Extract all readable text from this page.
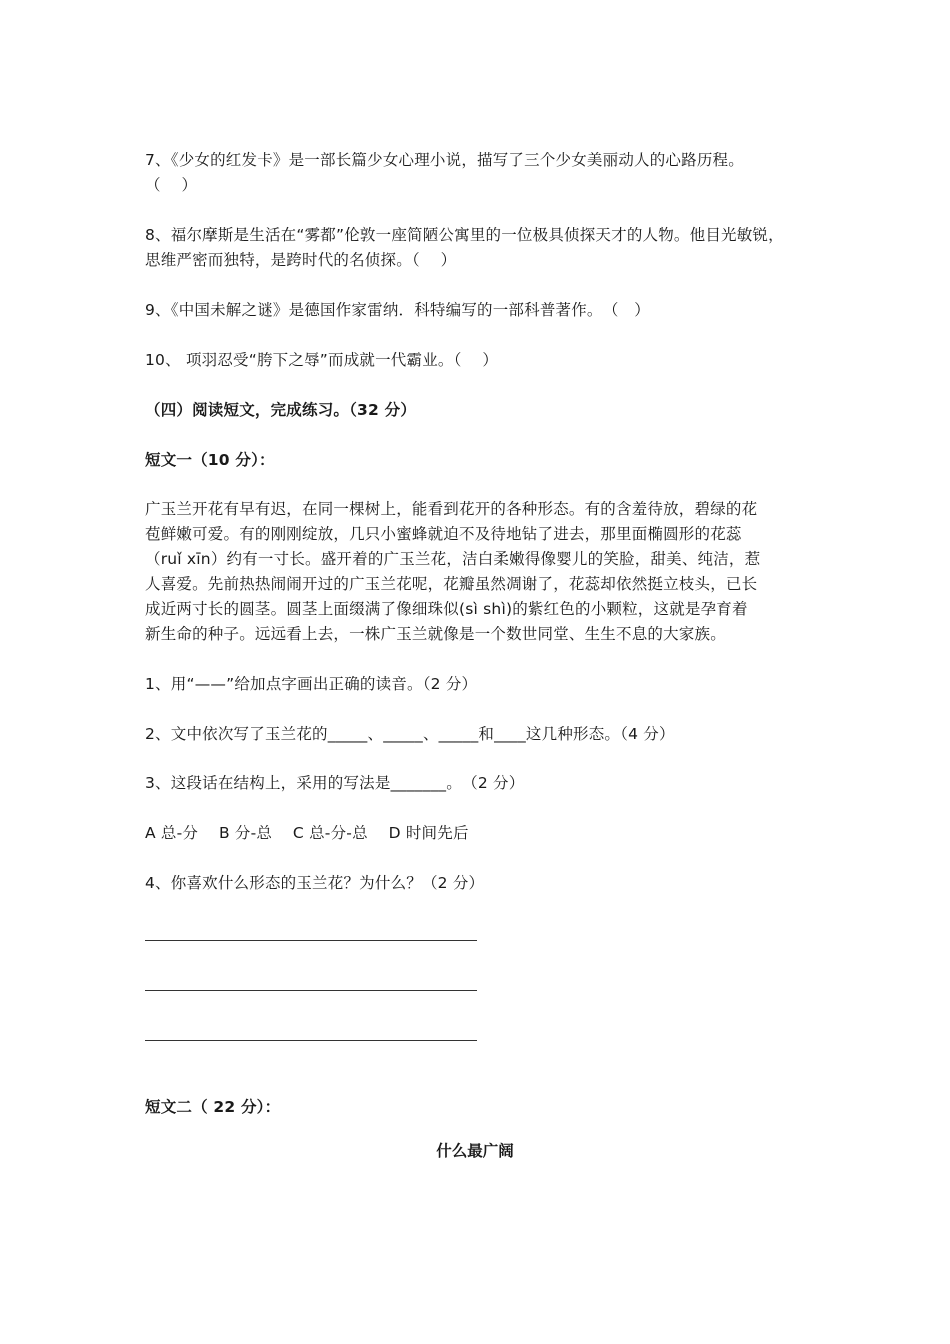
7、《少女的红发卡》是一部长篇少女心理小说，描写了三个少女美丽动人的心路历程。
（　 ）
8、福尔摩斯是生活在“雾都”伦敦一座简陋公寓里的一位极具侦探天才的人物。他目光敏锐，
思维严密而独特，是跨时代的名侦探。（　 ）
9、《中国未解之谜》是德国作家雷纳．科特编写的一部科普著作。　（　）
10、 项羽忍受“胯下之辱”而成就一代霸业。（　 ）
（四）阅读短文，完成练习。（32 分）
短文一（10 分）：
广玉兰开花有早有迟，在同一棵树上，能看到花开的各种形态。有的含羞待放，碧绿的花
苞鲜嫩可爱。有的刚刚绽放，几只小蜜蜂就迫不及待地钻了进去，那里面椭圆形的花蕊
（ruǐ xīn）约有一寸长。盛开着的广玉兰花，洁白柔嫩得像婴儿的笑脸，甜美、纯洁，惹
人喜爱。先前热热闹闹开过的广玉兰花呢，花瓣虽然凋谢了，花蕊却依然挺立枝头，已长
成近两寸长的圆茎。圆茎上面缀满了像细珠似(sì shì)的紫红色的小颗粒，这就是孕育着
新生命的种子。远远看上去，一株广玉兰就像是一个数世同堂、生生不息的大家族。
1、用“——”给加点字画出正确的读音。（2 分）
2、文中依次写了玉兰花的_____、_____、_____和____这几种形态。（4 分）
3、这段话在结构上，采用的写法是_______。　（2 分）
A 总-分　 B 分-总　 C 总-分-总　 D 时间先后
4、你喜欢什么形态的玉兰花？为什么？（2 分）
短文二（ 22 分）：
什么最广阔
